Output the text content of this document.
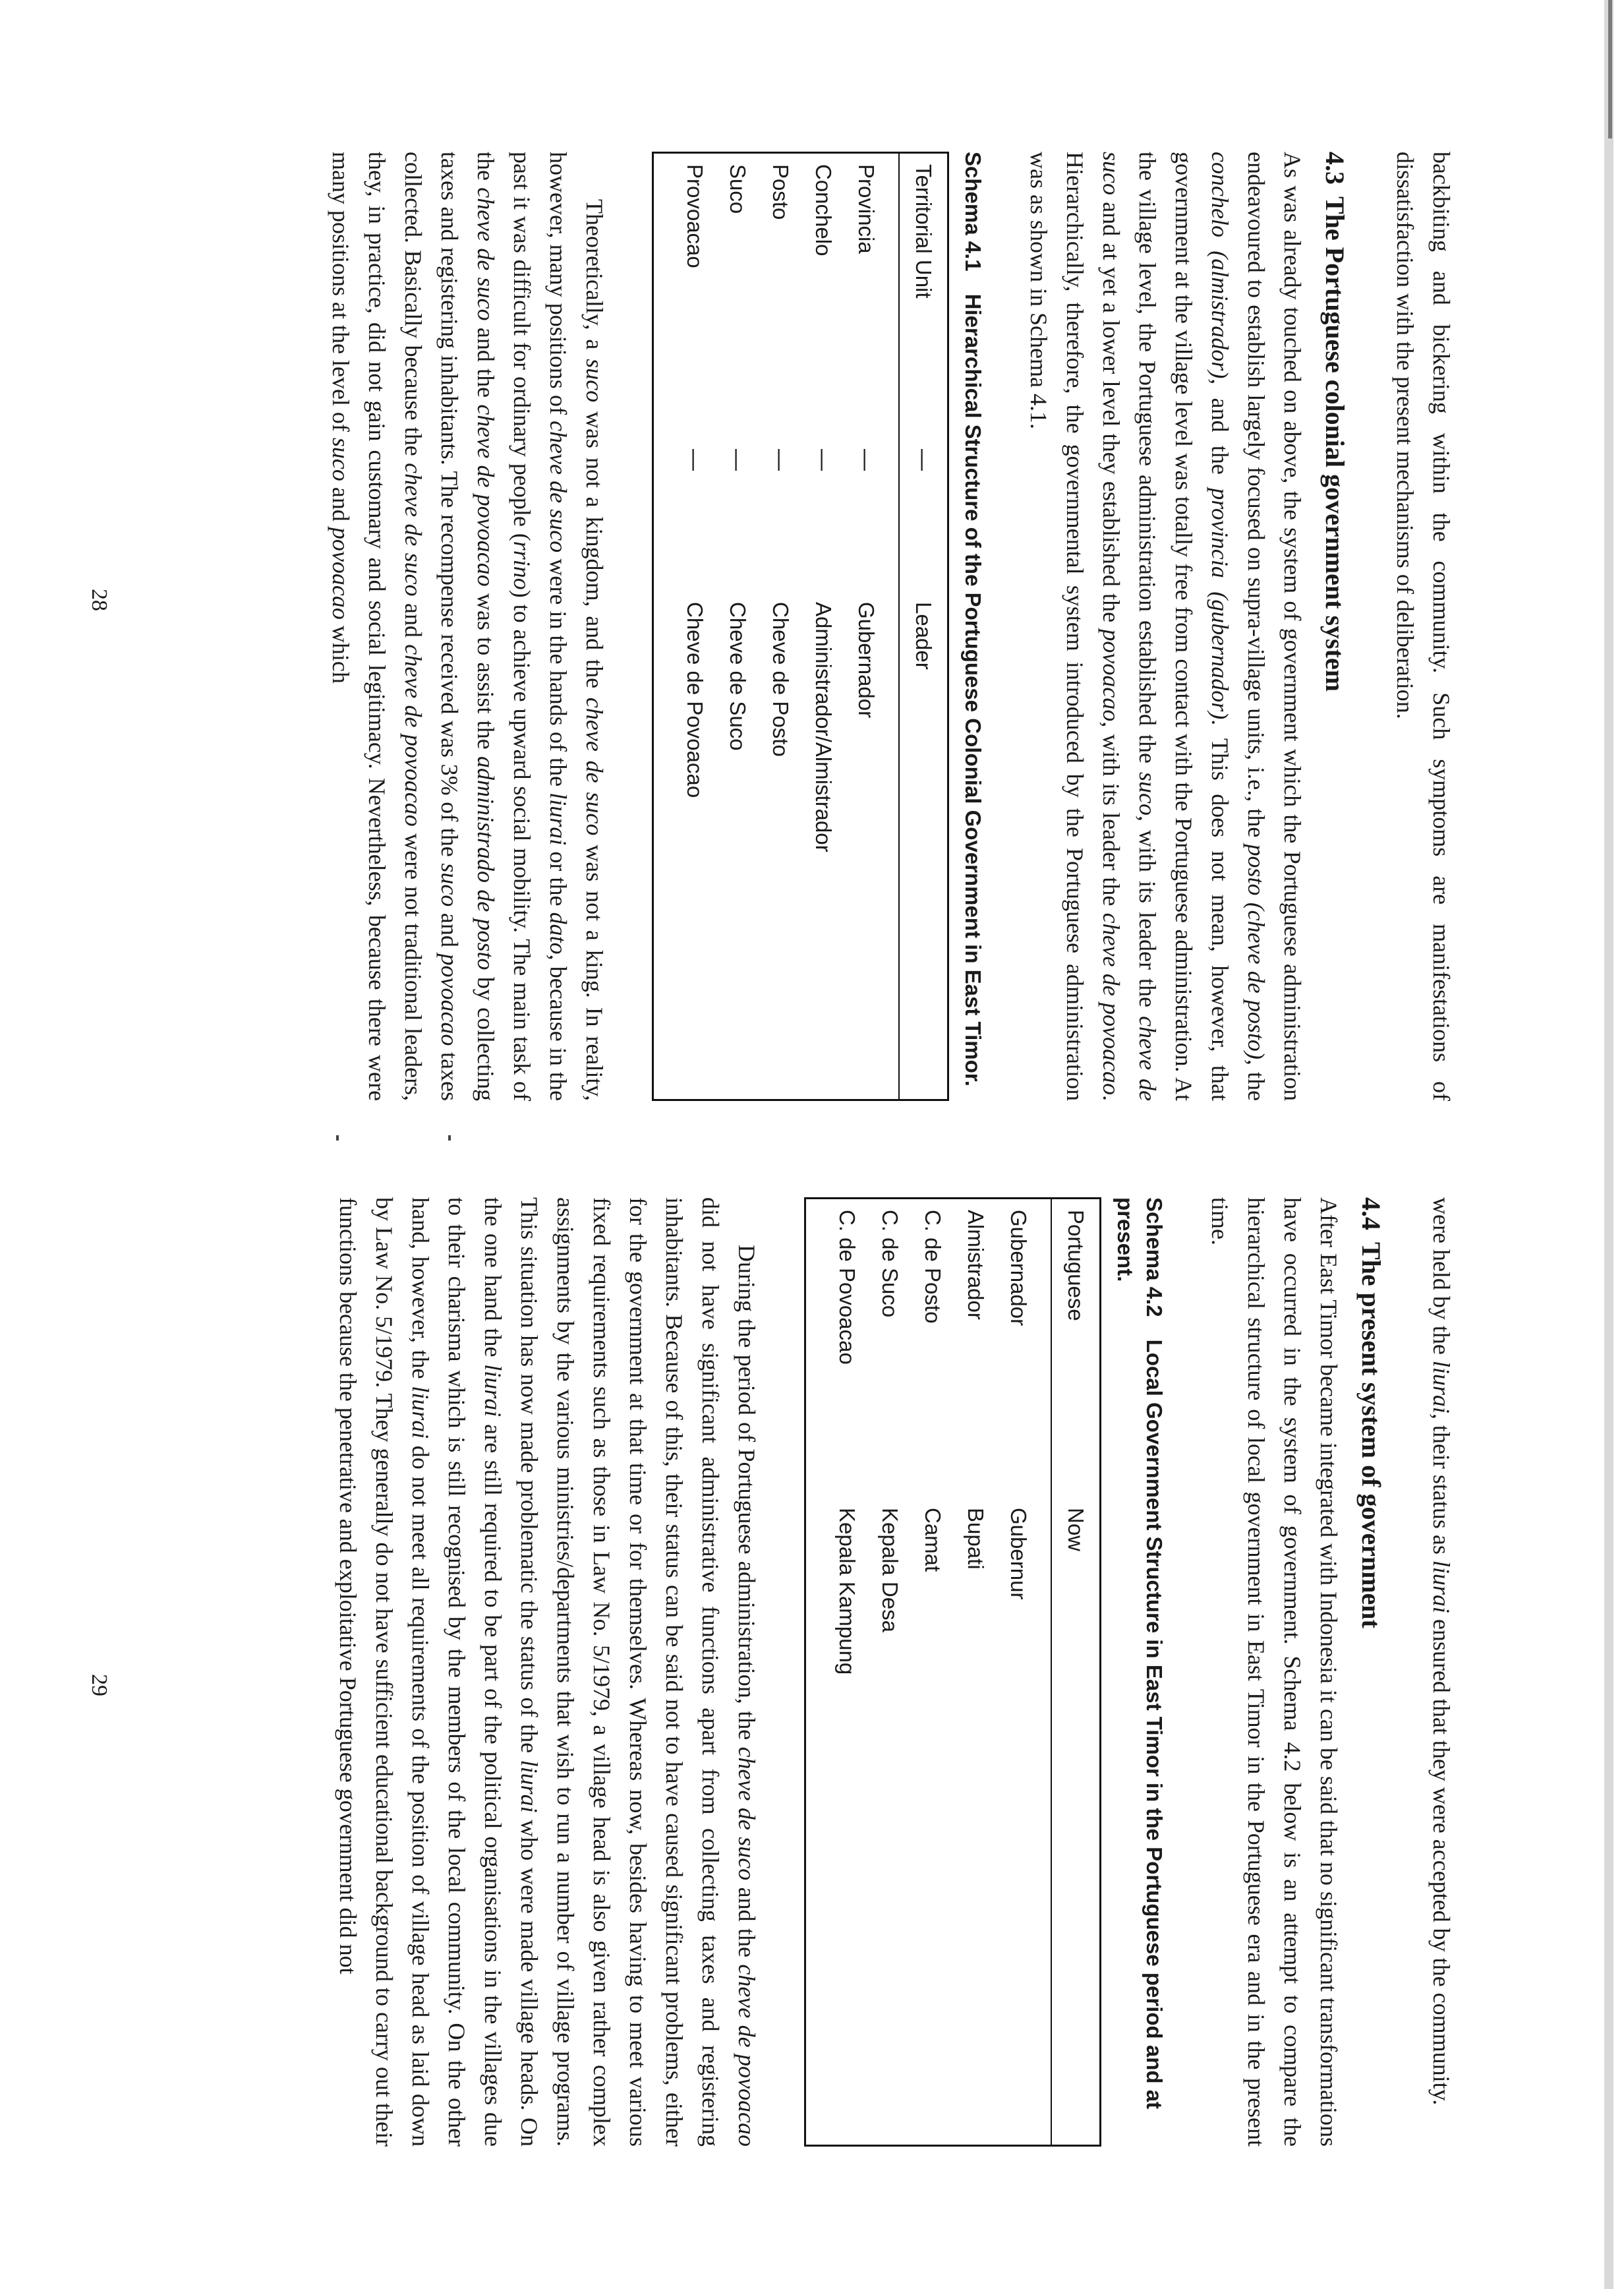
backbiting and bickering within the community. Such symptoms are manifestations of dissatisfaction with the present mechanisms of deliberation.

4.3The Portuguese colonial government system

As was already touched on above, the system of government which the Portuguese administration endeavoured to establish largely focused on supra-village units, i.e., the posto (cheve de posto), the conchelo (almistrador), and the provincia (gubernador). This does not mean, however, that government at the village level was totally free from contact with the Portuguese administration. At the village level, the Portuguese administration established the suco, with its leader the cheve de suco and at yet a lower level they established the povoacao, with its leader the cheve de povoacao. Hierarchically, therefore, the governmental system introduced by the Portuguese administration was as shown in Schema 4.1.

Schema 4.1Hierarchical Structure of the Portuguese Colonial Government in East Timor.
Territorial Unit	—	Leader
Provincia	—	Gubernador
Conchelo	—	Administrador/Almistrador
Posto	—	Cheve de Posto
Suco	—	Cheve de Suco
Provoacao	—	Cheve de Povoacao

Theoretically, a suco was not a kingdom, and the cheve de suco was not a king. In reality, however, many positions of cheve de suco were in the hands of the liurai or the dato, because in the past it was difficult for ordinary people (rrino) to achieve upward social mobility. The main task of the cheve de suco and the cheve de povoacao was to assist the administrado de posto by collecting taxes and registering inhabitants. The recompense received was 3% of the suco and povoacao taxes collected. Basically because the cheve de suco and cheve de povoacao were not traditional leaders, they, in practice, did not gain customary and social legitimacy. Nevertheless, because there were many positions at the level of suco and povoacao which

28

were held by the liurai, their status as liurai ensured that they were accepted by the community.

4.4The present system of government

After East Timor became integrated with Indonesia it can be said that no significant transformations have occurred in the system of government. Schema 4.2 below is an attempt to compare the hierarchical structure of local government in East Timor in the Portuguese era and in the present time.

Schema 4.2Local Government Structure in East Timor in the Portuguese period and at present.
Portuguese	Now
Gubernador	Gubernur
Almistrador	Bupati
C. de Posto	Camat
C. de Suco	Kepala Desa
C. de Povoacao	Kepala Kampung

During the period of Portuguese administration, the cheve de suco and the cheve de povoacao did not have significant administrative functions apart from collecting taxes and registering inhabitants. Because of this, their status can be said not to have caused significant problems, either for the government at that time or for themselves. Whereas now, besides having to meet various fixed requirements such as those in Law No. 5/1979, a village head is also given rather complex assignments by the various ministries/departments that wish to run a number of village programs. This situation has now made problematic the status of the liurai who were made village heads. On the one hand the liurai are still required to be part of the political organisations in the villages due to their charisma which is still recognised by the members of the local community. On the other hand, however, the liurai do not meet all requirements of the position of village head as laid down by Law No. 5/1979. They generally do not have sufficient educational background to carry out their functions because the penetrative and exploitative Portuguese government did not

29
